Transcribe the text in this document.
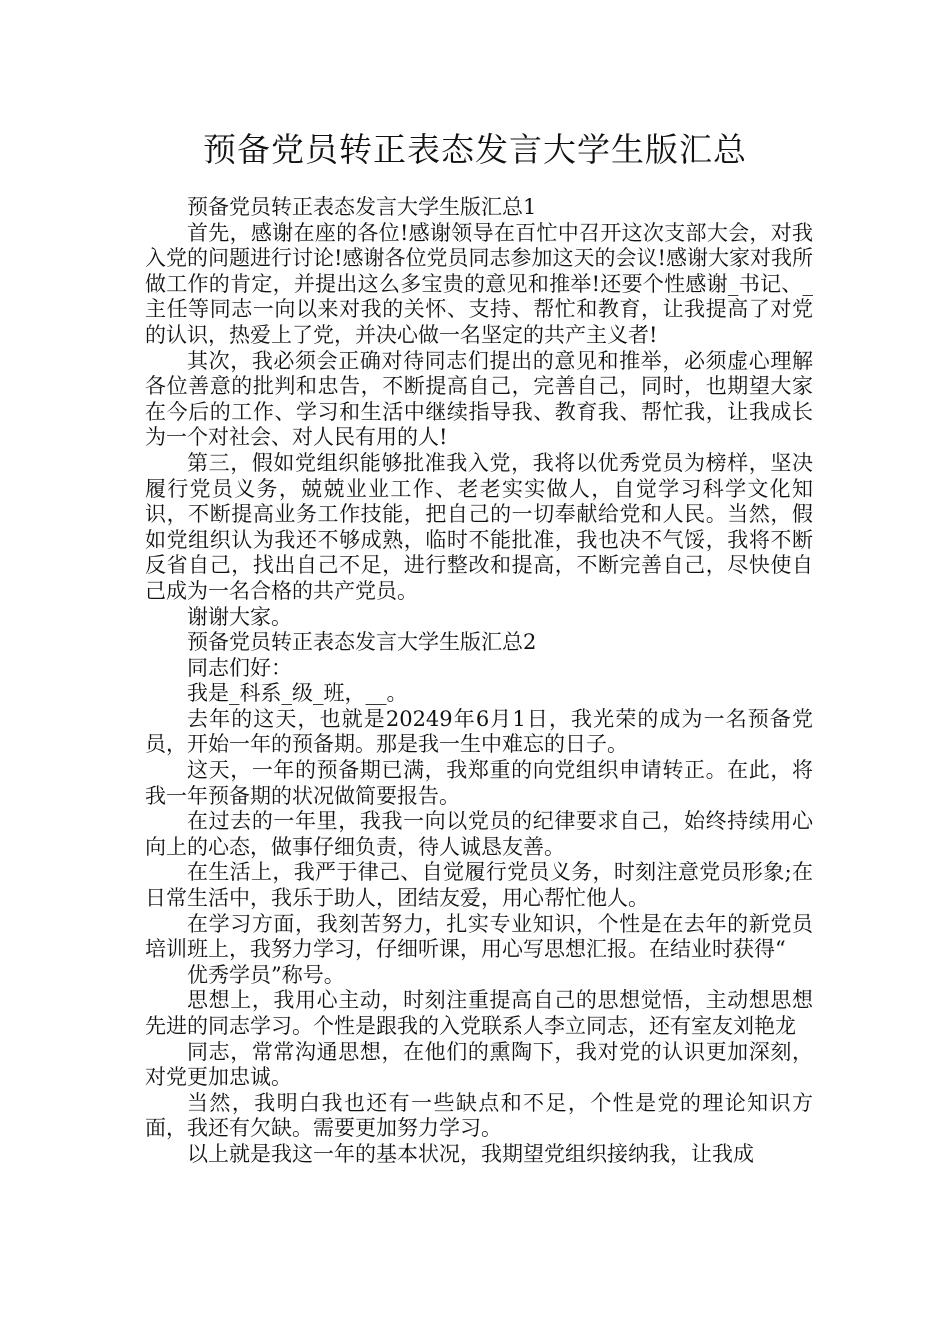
预备党员转正表态发言大学生版汇总

预备党员转正表态发言大学生版汇总1

首先，感谢在座的各位!感谢领导在百忙中召开这次支部大会，对我入党的问题进行讨论!感谢各位党员同志参加这天的会议!感谢大家对我所做工作的肯定，并提出这么多宝贵的意见和推举!还要个性感谢_书记、_主任等同志一向以来对我的关怀、支持、帮忙和教育，让我提高了对党的认识，热爱上了党，并决心做一名坚定的共产主义者!

其次，我必须会正确对待同志们提出的意见和推举，必须虚心理解各位善意的批判和忠告，不断提高自己，完善自己，同时，也期望大家在今后的工作、学习和生活中继续指导我、教育我、帮忙我，让我成长为一个对社会、对人民有用的人!

第三，假如党组织能够批准我入党，我将以优秀党员为榜样，坚决履行党员义务，兢兢业业工作、老老实实做人，自觉学习科学文化知识，不断提高业务工作技能，把自己的一切奉献给党和人民。当然，假如党组织认为我还不够成熟，临时不能批准，我也决不气馁，我将不断反省自己，找出自己不足，进行整改和提高，不断完善自己，尽快使自己成为一名合格的共产党员。

谢谢大家。

预备党员转正表态发言大学生版汇总2

同志们好：

我是_科系_级_班，__。

去年的这天，也就是20249年6月1日，我光荣的成为一名预备党员，开始一年的预备期。那是我一生中难忘的日子。

这天，一年的预备期已满，我郑重的向党组织申请转正。在此，将我一年预备期的状况做简要报告。

在过去的一年里，我我一向以党员的纪律要求自己，始终持续用心向上的心态，做事仔细负责，待人诚恳友善。

在生活上，我严于律己、自觉履行党员义务，时刻注意党员形象;在日常生活中，我乐于助人，团结友爱，用心帮忙他人。

在学习方面，我刻苦努力，扎实专业知识，个性是在去年的新党员培训班上，我努力学习，仔细听课，用心写思想汇报。在结业时获得“

优秀学员”称号。

思想上，我用心主动，时刻注重提高自己的思想觉悟，主动想思想先进的同志学习。个性是跟我的入党联系人李立同志，还有室友刘艳龙

同志，常常沟通思想，在他们的熏陶下，我对党的认识更加深刻，对党更加忠诚。

当然，我明白我也还有一些缺点和不足，个性是党的理论知识方面，我还有欠缺。需要更加努力学习。

以上就是我这一年的基本状况，我期望党组织接纳我，让我成
